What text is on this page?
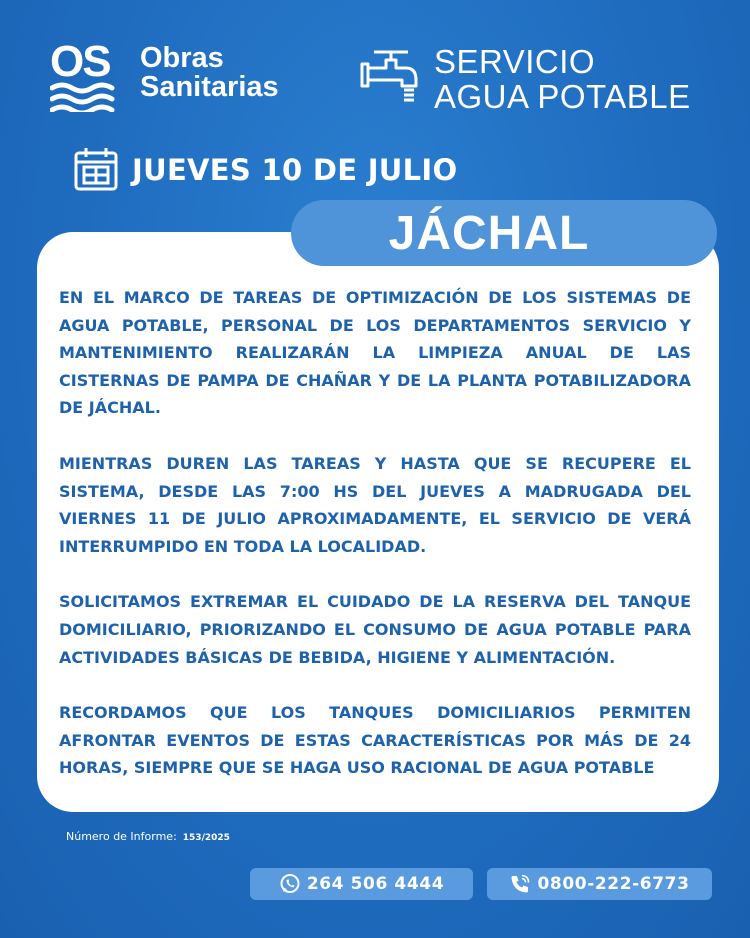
OS Obras
Sanitarias
SERVICIO
AGUA POTABLE
JUEVES 10 DE JULIO
JÁCHAL

EN EL MARCO DE TAREAS DE OPTIMIZACIÓN DE LOS SISTEMAS DE AGUA POTABLE, PERSONAL DE LOS DEPARTAMENTOS SERVICIO Y MANTENIMIENTO REALIZARÁN LA LIMPIEZA ANUAL DE LAS CISTERNAS DE PAMPA DE CHAÑAR Y DE LA PLANTA POTABILIZADORA DE JÁCHAL.

MIENTRAS DUREN LAS TAREAS Y HASTA QUE SE RECUPERE EL SISTEMA, DESDE LAS 7:00 HS DEL JUEVES A MADRUGADA DEL VIERNES 11 DE JULIO APROXIMADAMENTE, EL SERVICIO DE VERÁ INTERRUMPIDO EN TODA LA LOCALIDAD.

SOLICITAMOS EXTREMAR EL CUIDADO DE LA RESERVA DEL TANQUE DOMICILIARIO, PRIORIZANDO EL CONSUMO DE AGUA POTABLE PARA ACTIVIDADES BÁSICAS DE BEBIDA, HIGIENE Y ALIMENTACIÓN.

RECORDAMOS QUE LOS TANQUES DOMICILIARIOS PERMITEN AFRONTAR EVENTOS DE ESTAS CARACTERÍSTICAS POR MÁS DE 24 HORAS, SIEMPRE QUE SE HAGA USO RACIONAL DE AGUA POTABLE

Número de Informe: 153/2025
264 506 4444	0800-222-6773
